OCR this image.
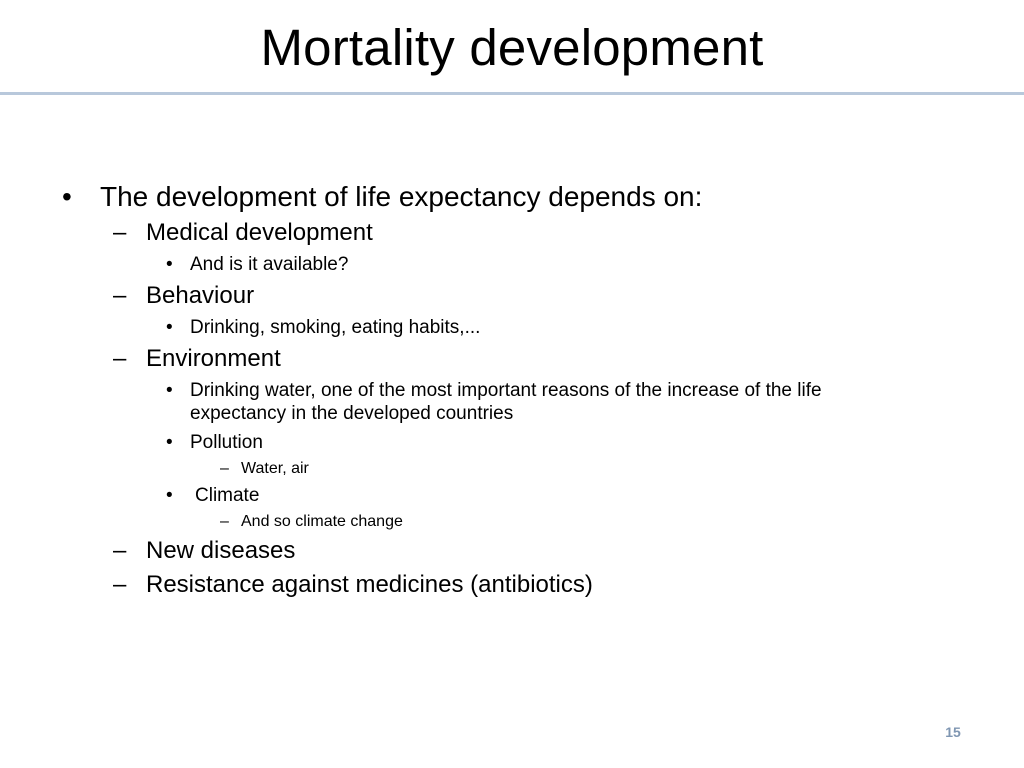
Mortality development
• The development of life expectancy depends on:
– Medical development
• And is it available?
– Behaviour
• Drinking, smoking, eating habits,...
– Environment
• Drinking water, one of the most important reasons of the increase of the life
expectancy in the developed countries
• Pollution
– Water, air
• Climate
– And so climate change
– New diseases
– Resistance against medicines (antibiotics)
15
